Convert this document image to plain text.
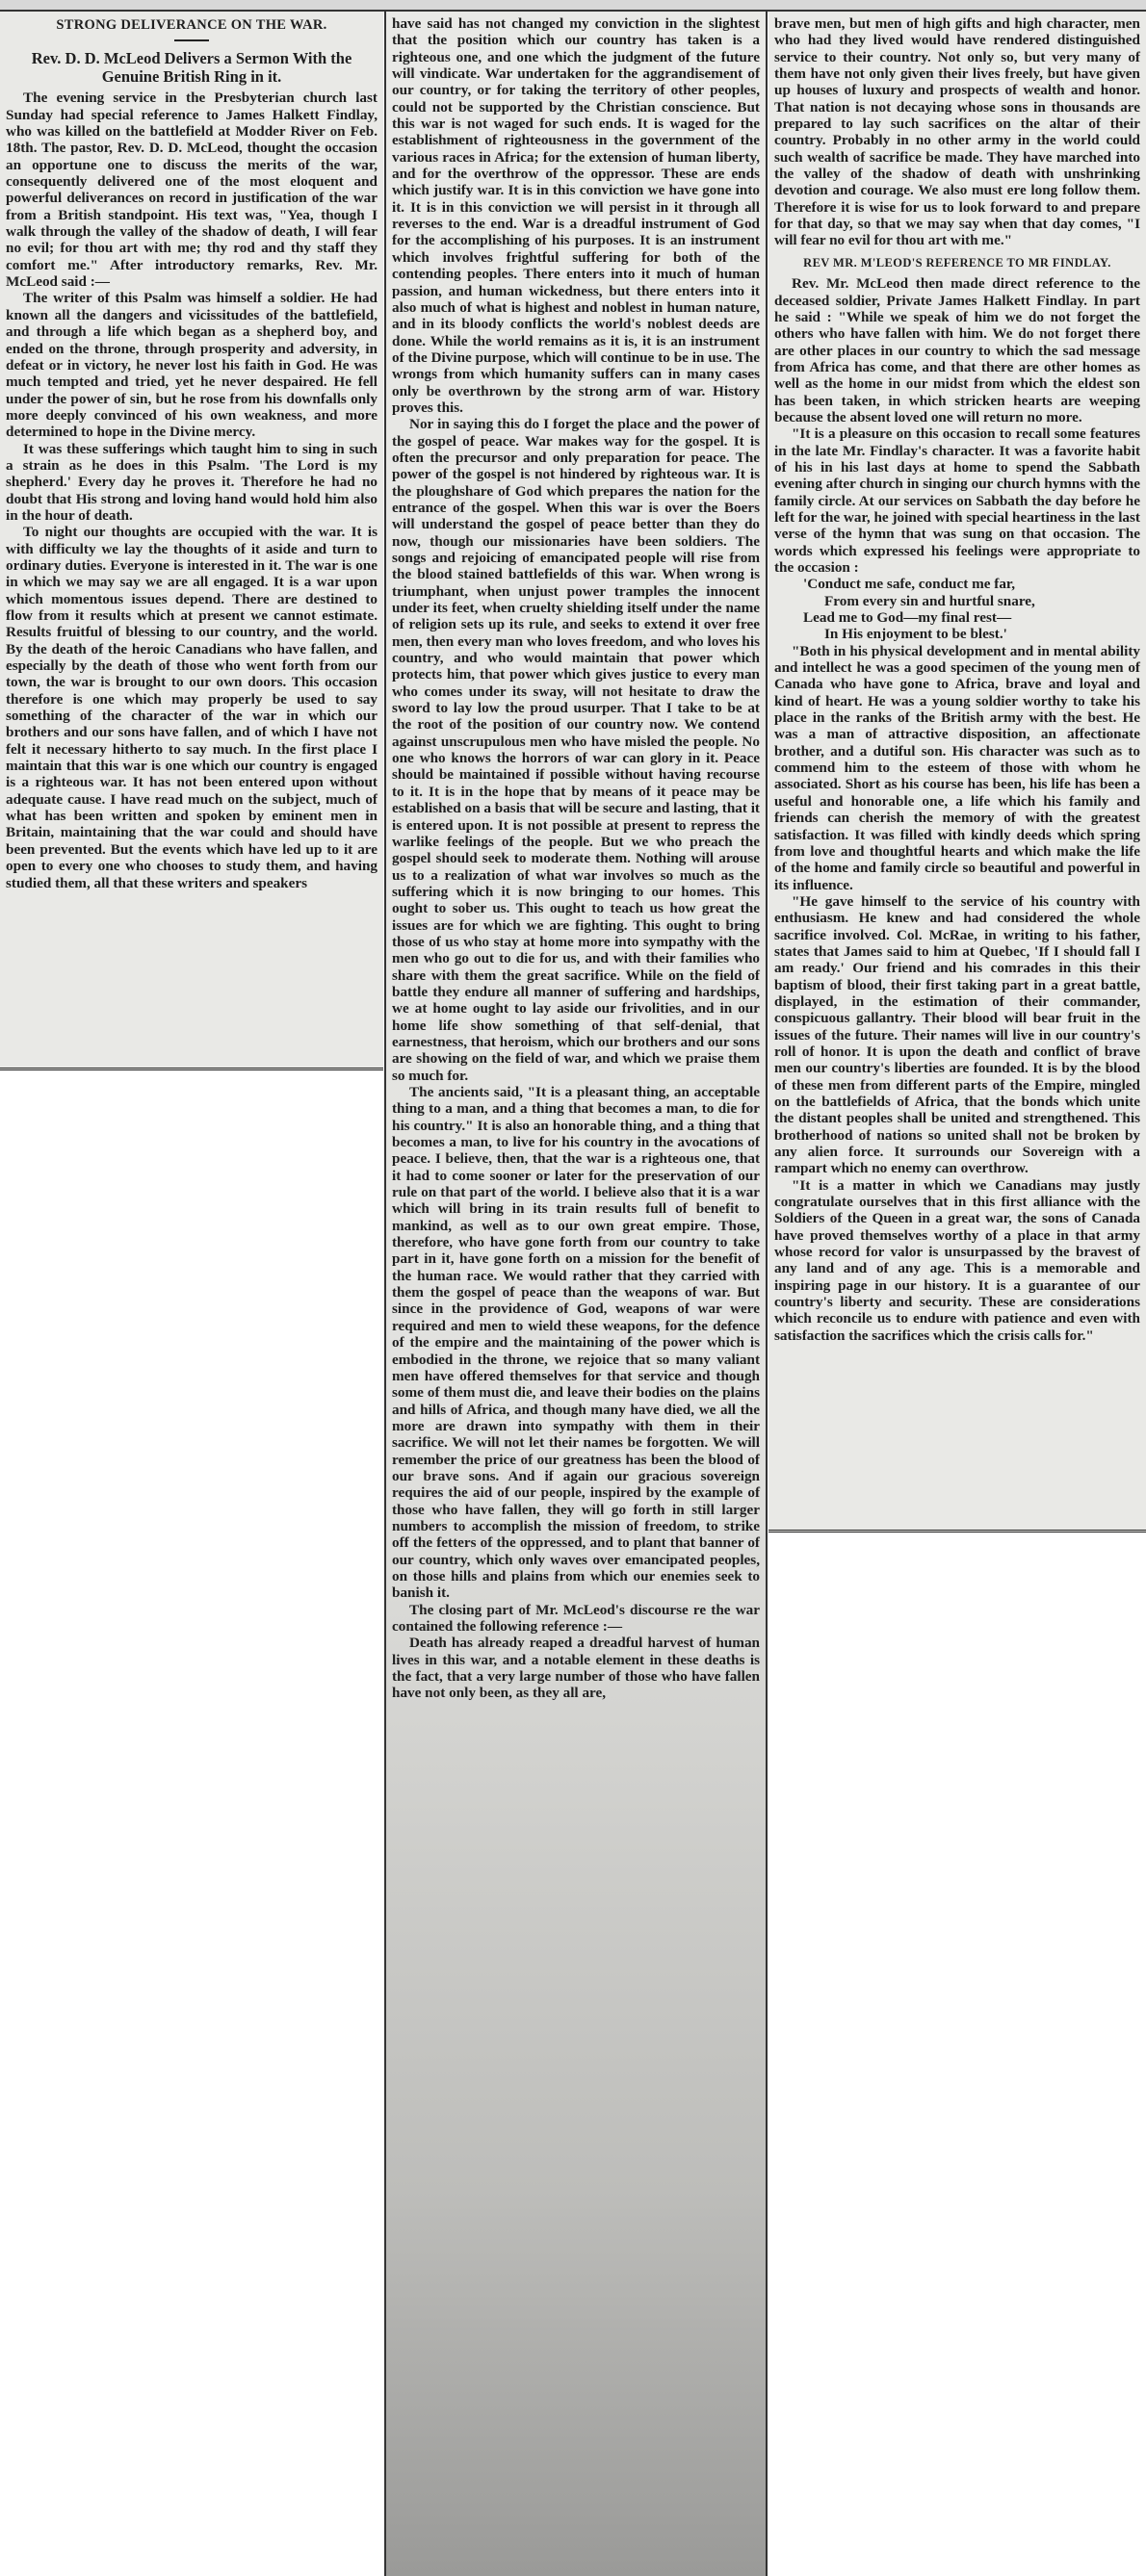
STRONG DELIVERANCE ON THE WAR.

Rev. D. D. McLeod Delivers a Sermon With the Genuine British Ring in it.

The evening service in the Presbyterian church last Sunday had special reference to James Halkett Findlay, who was killed on the battlefield at Modder River on Feb. 18th. The pastor, Rev. D. D. McLeod, thought the occasion an opportune one to discuss the merits of the war, consequently delivered one of the most eloquent and powerful deliverances on record in justification of the war from a British standpoint. His text was, "Yea, though I walk through the valley of the shadow of death, I will fear no evil; for thou art with me; thy rod and thy staff they comfort me." After introductory remarks, Rev. Mr. McLeod said :—

The writer of this Psalm was himself a soldier. He had known all the dangers and vicissitudes of the battlefield, and through a life which began as a shepherd boy, and ended on the throne, through prosperity and adversity, in defeat or in victory, he never lost his faith in God. He was much tempted and tried, yet he never despaired. He fell under the power of sin, but he rose from his downfalls only more deeply convinced of his own weakness, and more determined to hope in the Divine mercy.

It was these sufferings which taught him to sing in such a strain as he does in this Psalm. 'The Lord is my shepherd.' Every day he proves it. Therefore he had no doubt that His strong and loving hand would hold him also in the hour of death.

To night our thoughts are occupied with the war. It is with difficulty we lay the thoughts of it aside and turn to ordinary duties. Everyone is interested in it. The war is one in which we may say we are all engaged. It is a war upon which momentous issues depend. There are destined to flow from it results which at present we cannot estimate. Results fruitful of blessing to our country, and the world. By the death of the heroic Canadians who have fallen, and especially by the death of those who went forth from our town, the war is brought to our own doors. This occasion therefore is one which may properly be used to say something of the character of the war in which our brothers and our sons have fallen, and of which I have not felt it necessary hitherto to say much. In the first place I maintain that this war is one which our country is engaged is a righteous war. It has not been entered upon without adequate cause. I have read much on the subject, much of what has been written and spoken by eminent men in Britain, maintaining that the war could and should have been prevented. But the events which have led up to it are open to every one who chooses to study them, and having studied them, all that these writers and speakers

have said has not changed my conviction in the slightest that the position which our country has taken is a righteous one, and one which the judgment of the future will vindicate. War undertaken for the aggrandisement of our country, or for taking the territory of other peoples, could not be supported by the Christian conscience. But this war is not waged for such ends. It is waged for the establishment of righteousness in the government of the various races in Africa; for the extension of human liberty, and for the overthrow of the oppressor. These are ends which justify war. It is in this conviction we have gone into it. It is in this conviction we will persist in it through all reverses to the end. War is a dreadful instrument of God for the accomplishing of his purposes. It is an instrument which involves frightful suffering for both of the contending peoples. There enters into it much of human passion, and human wickedness, but there enters into it also much of what is highest and noblest in human nature, and in its bloody conflicts the world's noblest deeds are done. While the world remains as it is, it is an instrument of the Divine purpose, which will continue to be in use. The wrongs from which humanity suffers can in many cases only be overthrown by the strong arm of war. History proves this.

Nor in saying this do I forget the place and the power of the gospel of peace. War makes way for the gospel. It is often the precursor and only preparation for peace. The power of the gospel is not hindered by righteous war. It is the ploughshare of God which prepares the nation for the entrance of the gospel. When this war is over the Boers will understand the gospel of peace better than they do now, though our missionaries have been soldiers. The songs and rejoicing of emancipated people will rise from the blood stained battlefields of this war. When wrong is triumphant, when unjust power tramples the innocent under its feet, when cruelty shielding itself under the name of religion sets up its rule, and seeks to extend it over free men, then every man who loves freedom, and who loves his country, and who would maintain that power which protects him, that power which gives justice to every man who comes under its sway, will not hesitate to draw the sword to lay low the proud usurper. That I take to be at the root of the position of our country now. We contend against unscrupulous men who have misled the people. No one who knows the horrors of war can glory in it. Peace should be maintained if possible without having recourse to it. It is in the hope that by means of it peace may be established on a basis that will be secure and lasting, that it is entered upon. It is not possible at present to repress the warlike feelings of the people. But we who preach the gospel should seek to moderate them. Nothing will arouse us to a realization of what war involves so much as the suffering which it is now bringing to our homes. This ought to sober us. This ought to teach us how great the issues are for which we are fighting. This ought to bring those of us who stay at home more into sympathy with the men who go out to die for us, and with their families who share with them the great sacrifice. While on the field of battle they endure all manner of suffering and hardships, we at home ought to lay aside our frivolities, and in our home life show something of that self-denial, that earnestness, that heroism, which our brothers and our sons are showing on the field of war, and which we praise them so much for.

The ancients said, "It is a pleasant thing, an acceptable thing to a man, and a thing that becomes a man, to die for his country." It is also an honorable thing, and a thing that becomes a man, to live for his country in the avocations of peace. I believe, then, that the war is a righteous one, that it had to come sooner or later for the preservation of our rule on that part of the world. I believe also that it is a war which will bring in its train results full of benefit to mankind, as well as to our own great empire. Those, therefore, who have gone forth from our country to take part in it, have gone forth on a mission for the benefit of the human race. We would rather that they carried with them the gospel of peace than the weapons of war. But since in the providence of God, weapons of war were required and men to wield these weapons, for the defence of the empire and the maintaining of the power which is embodied in the throne, we rejoice that so many valiant men have offered themselves for that service and though some of them must die, and leave their bodies on the plains and hills of Africa, and though many have died, we all the more are drawn into sympathy with them in their sacrifice. We will not let their names be forgotten. We will remember the price of our greatness has been the blood of our brave sons. And if again our gracious sovereign requires the aid of our people, inspired by the example of those who have fallen, they will go forth in still larger numbers to accomplish the mission of freedom, to strike off the fetters of the oppressed, and to plant that banner of our country, which only waves over emancipated peoples, on those hills and plains from which our enemies seek to banish it.

The closing part of Mr. McLeod's discourse re the war contained the following reference :—

Death has already reaped a dreadful harvest of human lives in this war, and a notable element in these deaths is the fact, that a very large number of those who have fallen have not only been, as they all are,

brave men, but men of high gifts and high character, men who had they lived would have rendered distinguished service to their country. Not only so, but very many of them have not only given their lives freely, but have given up houses of luxury and prospects of wealth and honor. That nation is not decaying whose sons in thousands are prepared to lay such sacrifices on the altar of their country. Probably in no other army in the world could such wealth of sacrifice be made. They have marched into the valley of the shadow of death with unshrinking devotion and courage. We also must ere long follow them. Therefore it is wise for us to look forward to and prepare for that day, so that we may say when that day comes, "I will fear no evil for thou art with me."

REV MR. M'LEOD'S REFERENCE TO MR FINDLAY.

Rev. Mr. McLeod then made direct reference to the deceased soldier, Private James Halkett Findlay. In part he said : "While we speak of him we do not forget the others who have fallen with him. We do not forget there are other places in our country to which the sad message from Africa has come, and that there are other homes as well as the home in our midst from which the eldest son has been taken, in which stricken hearts are weeping because the absent loved one will return no more.

"It is a pleasure on this occasion to recall some features in the late Mr. Findlay's character. It was a favorite habit of his in his last days at home to spend the Sabbath evening after church in singing our church hymns with the family circle. At our services on Sabbath the day before he left for the war, he joined with special heartiness in the last verse of the hymn that was sung on that occasion. The words which expressed his feelings were appropriate to the occasion :

'Conduct me safe, conduct me far,

From every sin and hurtful snare,

Lead me to God—my final rest—

In His enjoyment to be blest.'

"Both in his physical development and in mental ability and intellect he was a good specimen of the young men of Canada who have gone to Africa, brave and loyal and kind of heart. He was a young soldier worthy to take his place in the ranks of the British army with the best. He was a man of attractive disposition, an affectionate brother, and a dutiful son. His character was such as to commend him to the esteem of those with whom he associated. Short as his course has been, his life has been a useful and honorable one, a life which his family and friends can cherish the memory of with the greatest satisfaction. It was filled with kindly deeds which spring from love and thoughtful hearts and which make the life of the home and family circle so beautiful and powerful in its influence.

"He gave himself to the service of his country with enthusiasm. He knew and had considered the whole sacrifice involved. Col. McRae, in writing to his father, states that James said to him at Quebec, 'If I should fall I am ready.' Our friend and his comrades in this their baptism of blood, their first taking part in a great battle, displayed, in the estimation of their commander, conspicuous gallantry. Their blood will bear fruit in the issues of the future. Their names will live in our country's roll of honor. It is upon the death and conflict of brave men our country's liberties are founded. It is by the blood of these men from different parts of the Empire, mingled on the battlefields of Africa, that the bonds which unite the distant peoples shall be united and strengthened. This brotherhood of nations so united shall not be broken by any alien force. It surrounds our Sovereign with a rampart which no enemy can overthrow.

"It is a matter in which we Canadians may justly congratulate ourselves that in this first alliance with the Soldiers of the Queen in a great war, the sons of Canada have proved themselves worthy of a place in that army whose record for valor is unsurpassed by the bravest of any land and of any age. This is a memorable and inspiring page in our history. It is a guarantee of our country's liberty and security. These are considerations which reconcile us to endure with patience and even with satisfaction the sacrifices which the crisis calls for."
